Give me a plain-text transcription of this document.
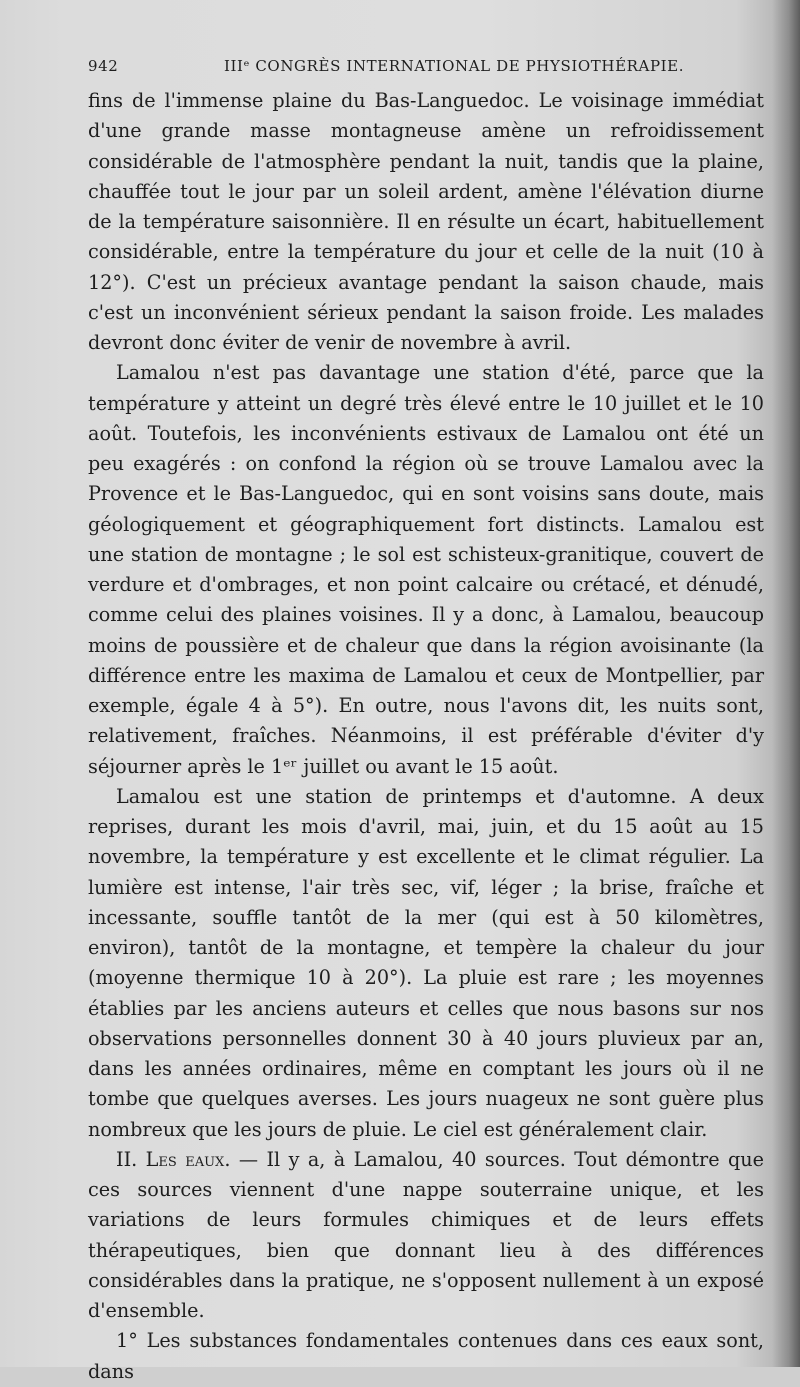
942	IIIᵉ CONGRÈS INTERNATIONAL DE PHYSIOTHÉRAPIE.

fins de l'immense plaine du Bas-Languedoc. Le voisinage immédiat d'une grande masse montagneuse amène un refroidissement considérable de l'atmosphère pendant la nuit, tandis que la plaine, chauffée tout le jour par un soleil ardent, amène l'élévation diurne de la température saisonnière. Il en résulte un écart, habituellement considérable, entre la température du jour et celle de la nuit (10 à 12°). C'est un précieux avantage pendant la saison chaude, mais c'est un inconvénient sérieux pendant la saison froide. Les malades devront donc éviter de venir de novembre à avril.

Lamalou n'est pas davantage une station d'été, parce que la température y atteint un degré très élevé entre le 10 juillet et le 10 août. Toutefois, les inconvénients estivaux de Lamalou ont été un peu exagérés : on confond la région où se trouve Lamalou avec la Provence et le Bas-Languedoc, qui en sont voisins sans doute, mais géologiquement et géographiquement fort distincts. Lamalou est une station de montagne ; le sol est schisteux-granitique, couvert de verdure et d'ombrages, et non point calcaire ou crétacé, et dénudé, comme celui des plaines voisines. Il y a donc, à Lamalou, beaucoup moins de poussière et de chaleur que dans la région avoisinante (la différence entre les maxima de Lamalou et ceux de Montpellier, par exemple, égale 4 à 5°). En outre, nous l'avons dit, les nuits sont, relativement, fraîches. Néanmoins, il est préférable d'éviter d'y séjourner après le 1ᵉʳ juillet ou avant le 15 août.

Lamalou est une station de printemps et d'automne. A deux reprises, durant les mois d'avril, mai, juin, et du 15 août au 15 novembre, la température y est excellente et le climat régulier. La lumière est intense, l'air très sec, vif, léger ; la brise, fraîche et incessante, souffle tantôt de la mer (qui est à 50 kilomètres, environ), tantôt de la montagne, et tempère la chaleur du jour (moyenne thermique 10 à 20°). La pluie est rare ; les moyennes établies par les anciens auteurs et celles que nous basons sur nos observations personnelles donnent 30 à 40 jours pluvieux par an, dans les années ordinaires, même en comptant les jours où il ne tombe que quelques averses. Les jours nuageux ne sont guère plus nombreux que les jours de pluie. Le ciel est généralement clair.

II. Les eaux. — Il y a, à Lamalou, 40 sources. Tout démontre que ces sources viennent d'une nappe souterraine unique, et les variations de leurs formules chimiques et de leurs effets thérapeutiques, bien que donnant lieu à des différences considérables dans la pratique, ne s'opposent nullement à un exposé d'ensemble.

1° Les substances fondamentales contenues dans ces eaux sont, dans
